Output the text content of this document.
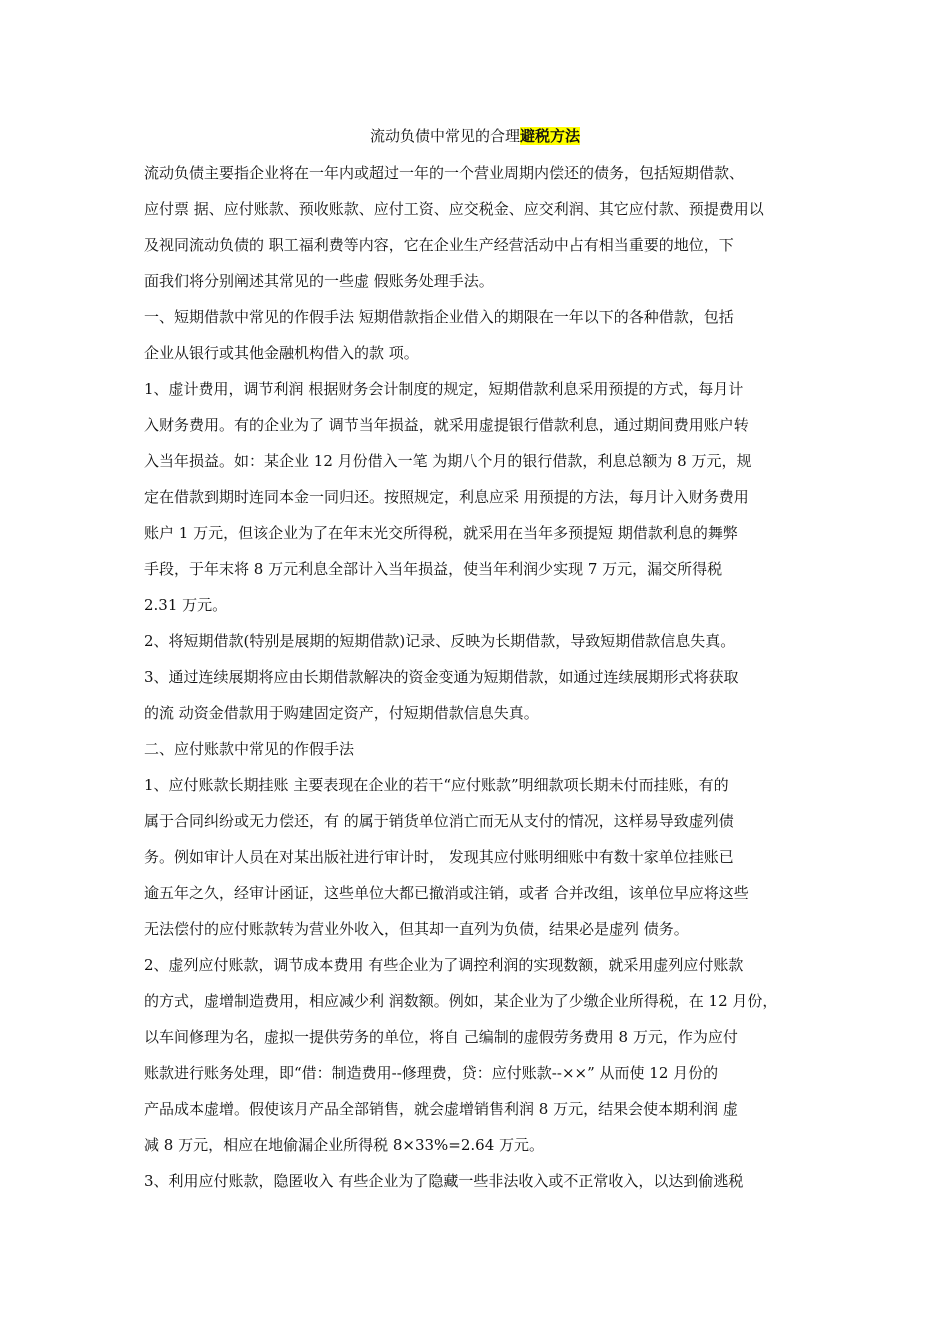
流动负债中常见的合理避税方法
流动负债主要指企业将在一年内或超过一年的一个营业周期内偿还的债务，包括短期借款、
应付票 据、应付账款、预收账款、应付工资、应交税金、应交利润、其它应付款、预提费用以
及视同流动负债的 职工福利费等内容，它在企业生产经营活动中占有相当重要的地位，下
面我们将分别阐述其常见的一些虚 假账务处理手法。
一、短期借款中常见的作假手法 短期借款指企业借入的期限在一年以下的各种借款，包括
企业从银行或其他金融机构借入的款 项。
1、虚计费用，调节利润 根据财务会计制度的规定，短期借款利息采用预提的方式，每月计
入财务费用。有的企业为了 调节当年损益，就采用虚提银行借款利息，通过期间费用账户转
入当年损益。如：某企业 12 月份借入一笔 为期八个月的银行借款，利息总额为 8 万元，规
定在借款到期时连同本金一同归还。按照规定，利息应采 用预提的方法，每月计入财务费用
账户 1 万元，但该企业为了在年末光交所得税，就采用在当年多预提短 期借款利息的舞弊
手段，于年末将 8 万元利息全部计入当年损益，使当年利润少实现 7 万元，漏交所得税
2.31 万元。
2、将短期借款(特别是展期的短期借款)记录、反映为长期借款，导致短期借款信息失真。
3、通过连续展期将应由长期借款解决的资金变通为短期借款，如通过连续展期形式将获取
的流 动资金借款用于购建固定资产，付短期借款信息失真。
二、应付账款中常见的作假手法
1、应付账款长期挂账 主要表现在企业的若干“应付账款”明细款项长期未付而挂账，有的
属于合同纠纷或无力偿还，有 的属于销货单位消亡而无从支付的情况，这样易导致虚列债
务。例如审计人员在对某出版社进行审计时， 发现其应付账明细账中有数十家单位挂账已
逾五年之久，经审计函证，这些单位大都已撤消或注销，或者 合并改组，该单位早应将这些
无法偿付的应付账款转为营业外收入，但其却一直列为负债，结果必是虚列 债务。
2、虚列应付账款，调节成本费用 有些企业为了调控利润的实现数额，就采用虚列应付账款
的方式，虚增制造费用，相应减少利 润数额。例如，某企业为了少缴企业所得税，在 12 月份，
以车间修理为名，虚拟一提供劳务的单位，将自 己编制的虚假劳务费用 8 万元，作为应付
账款进行账务处理，即“借：制造费用--修理费，贷：应付账款--××” 从而使 12 月份的
产品成本虚增。假使该月产品全部销售，就会虚增销售利润 8 万元，结果会使本期利润 虚
减 8 万元，相应在地偷漏企业所得税 8×33%=2.64 万元。
3、利用应付账款，隐匿收入 有些企业为了隐藏一些非法收入或不正常收入，以达到偷逃税
